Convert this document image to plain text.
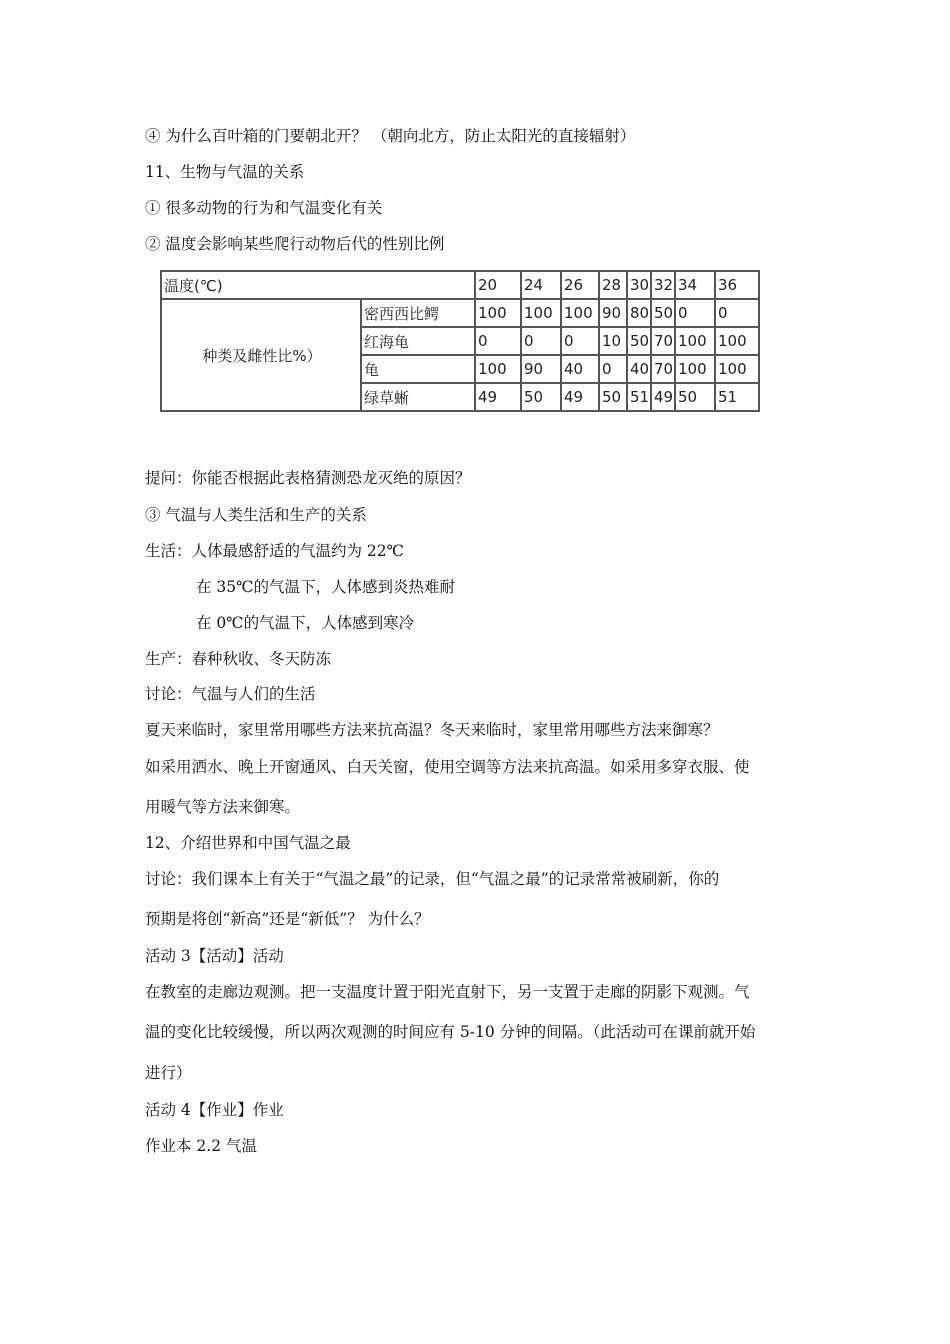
④ 为什么百叶箱的门要朝北开？ （朝向北方，防止太阳光的直接辐射）
11、生物与气温的关系
① 很多动物的行为和气温变化有关
② 温度会影响某些爬行动物后代的性别比例
温度(℃)		20	24	26	28	30	32	34	36
种类及雌性比%）	密西西比鳄	100	100	100	90	80	50	0	0
	红海龟	0	0	0	10	50	70	100	100
	龟	100	90	40	0	40	70	100	100
	绿草蜥	49	50	49	50	51	49	50	51
提问：你能否根据此表格猜测恐龙灭绝的原因？
③ 气温与人类生活和生产的关系
生活：人体最感舒适的气温约为 22℃
在 35℃的气温下，人体感到炎热难耐
在 0℃的气温下，人体感到寒冷
生产：春种秋收、冬天防冻
讨论：气温与人们的生活
夏天来临时，家里常用哪些方法来抗高温？冬天来临时，家里常用哪些方法来御寒？
如采用洒水、晚上开窗通风、白天关窗，使用空调等方法来抗高温。如采用多穿衣服、使
用暖气等方法来御寒。
12、介绍世界和中国气温之最
讨论：我们课本上有关于“气温之最”的记录，但“气温之最”的记录常常被刷新，你的
预期是将创“新高”还是“新低”？ 为什么？
活动 3【活动】活动
在教室的走廊边观测。把一支温度计置于阳光直射下，另一支置于走廊的阴影下观测。气
温的变化比较缓慢，所以两次观测的时间应有 5-10 分钟的间隔。（此活动可在课前就开始
进行）
活动 4【作业】作业
作业本 2.2 气温
